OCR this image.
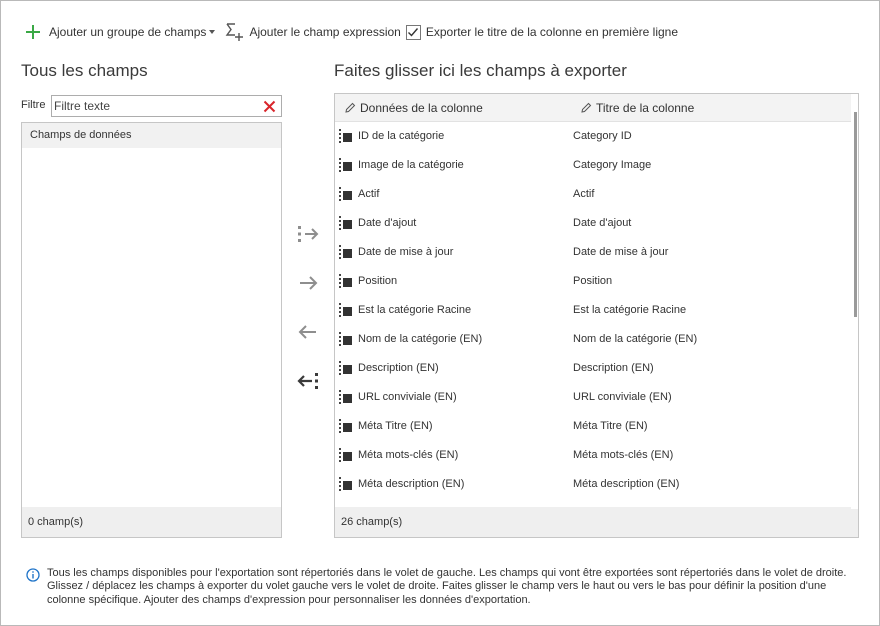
Ajouter un groupe de champs	Ajouter le champ expression Exporter le titre de la colonne en première ligne
Tous les champs	Faites glisser ici les champs à exporter
Filtre
Filtre texte
Champs de données
0 champ(s)
Données de la colonne	Titre de la colonne
ID de la catégorie	Category ID
Image de la catégorie	Category Image
Actif	Actif
Date d'ajout	Date d'ajout
Date de mise à jour	Date de mise à jour
Position	Position
Est la catégorie Racine	Est la catégorie Racine
Nom de la catégorie (EN)	Nom de la catégorie (EN)
Description (EN)	Description (EN)
URL conviviale (EN)	URL conviviale (EN)
Méta Titre (EN)	Méta Titre (EN)
Méta mots-clés (EN)	Méta mots-clés (EN)
Méta description (EN)	Méta description (EN)
26 champ(s)
Tous les champs disponibles pour l'exportation sont répertoriés dans le volet de gauche. Les champs qui vont être exportées sont répertoriés dans le volet de droite. Glissez / déplacez les champs à exporter du volet gauche vers le volet de droite. Faites glisser le champ vers le haut ou vers le bas pour définir la position d'une colonne spécifique. Ajouter des champs d'expression pour personnaliser les données d'exportation.
